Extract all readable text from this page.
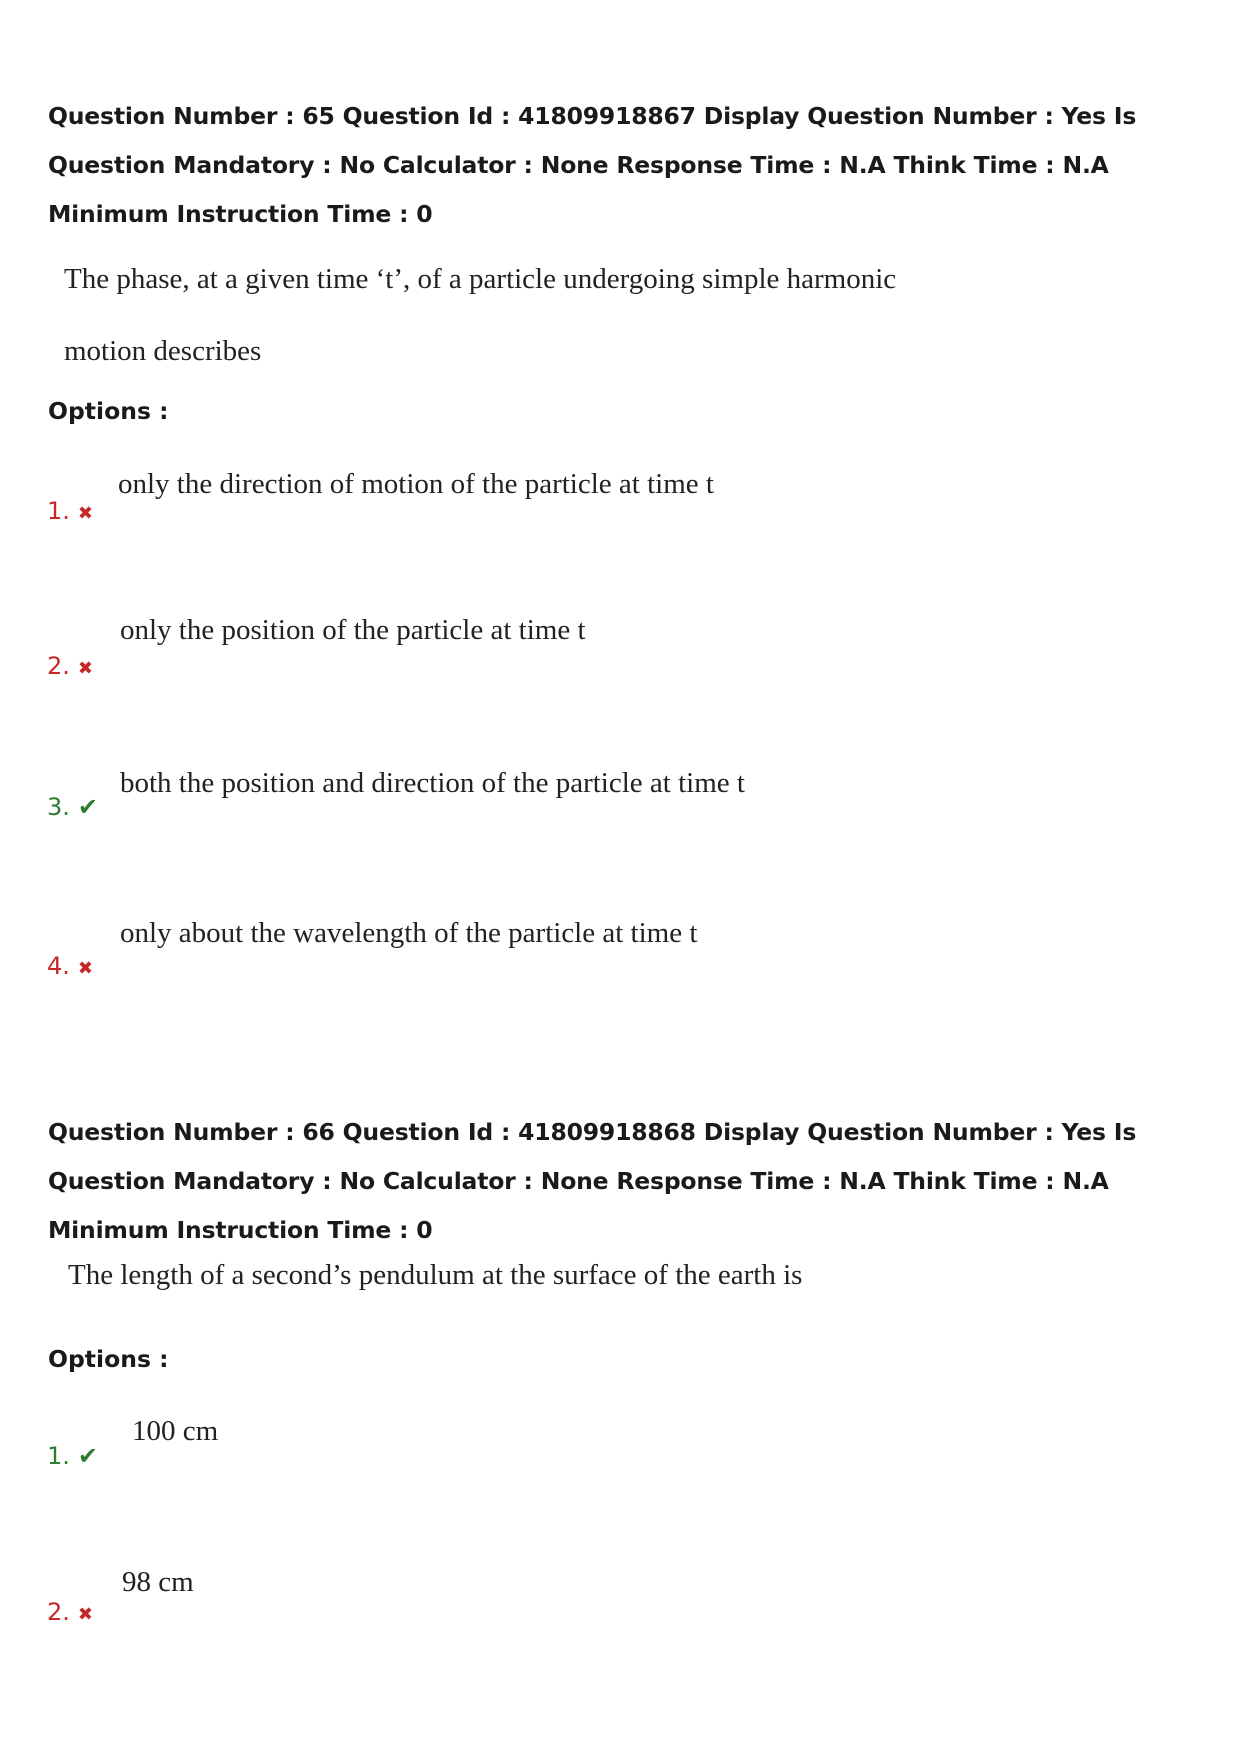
Question Number : 65 Question Id : 41809918867 Display Question Number : Yes Is Question Mandatory : No Calculator : None Response Time : N.A Think Time : N.A Minimum Instruction Time : 0

The phase, at a given time ‘t’, of a particle undergoing simple harmonic motion describes

Options :

1. ✖
only the direction of motion of the particle at time t
2. ✖
only the position of the particle at time t
3. ✔
both the position and direction of the particle at time t
4. ✖
only about the wavelength of the particle at time t

Question Number : 66 Question Id : 41809918868 Display Question Number : Yes Is Question Mandatory : No Calculator : None Response Time : N.A Think Time : N.A Minimum Instruction Time : 0

The length of a second’s pendulum at the surface of the earth is

Options :

1. ✔
100 cm
2. ✖
98 cm
